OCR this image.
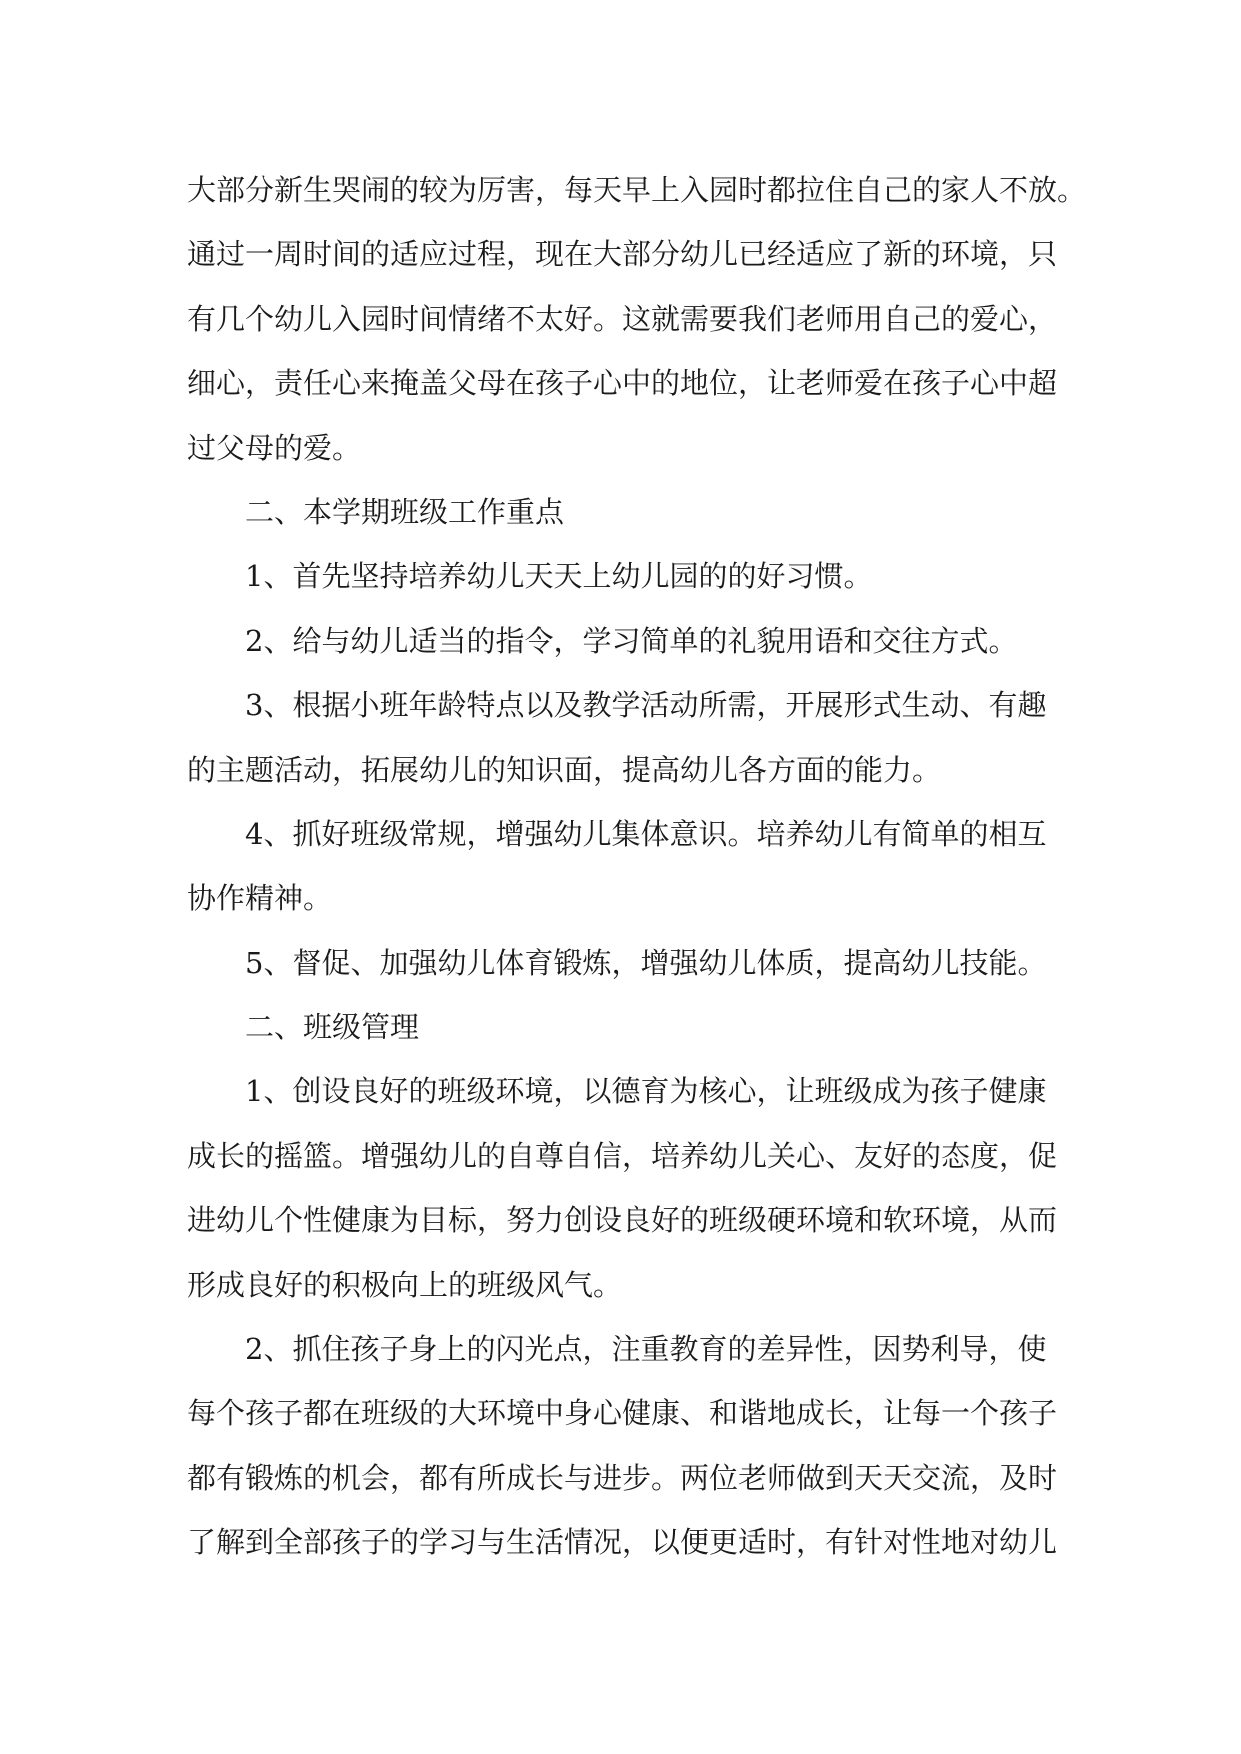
大部分新生哭闹的较为厉害，每天早上入园时都拉住自己的家人不放。
通过一周时间的适应过程，现在大部分幼儿已经适应了新的环境，只
有几个幼儿入园时间情绪不太好。这就需要我们老师用自己的爱心，
细心，责任心来掩盖父母在孩子心中的地位，让老师爱在孩子心中超
过父母的爱。
二、本学期班级工作重点
1、首先坚持培养幼儿天天上幼儿园的的好习惯。
2、给与幼儿适当的指令，学习简单的礼貌用语和交往方式。
3、根据小班年龄特点以及教学活动所需，开展形式生动、有趣
的主题活动，拓展幼儿的知识面，提高幼儿各方面的能力。
4、抓好班级常规，增强幼儿集体意识。培养幼儿有简单的相互
协作精神。
5、督促、加强幼儿体育锻炼，增强幼儿体质，提高幼儿技能。
二、班级管理
1、创设良好的班级环境，以德育为核心，让班级成为孩子健康
成长的摇篮。增强幼儿的自尊自信，培养幼儿关心、友好的态度，促
进幼儿个性健康为目标，努力创设良好的班级硬环境和软环境，从而
形成良好的积极向上的班级风气。
2、抓住孩子身上的闪光点，注重教育的差异性，因势利导，使
每个孩子都在班级的大环境中身心健康、和谐地成长，让每一个孩子
都有锻炼的机会，都有所成长与进步。两位老师做到天天交流，及时
了解到全部孩子的学习与生活情况，以便更适时，有针对性地对幼儿
